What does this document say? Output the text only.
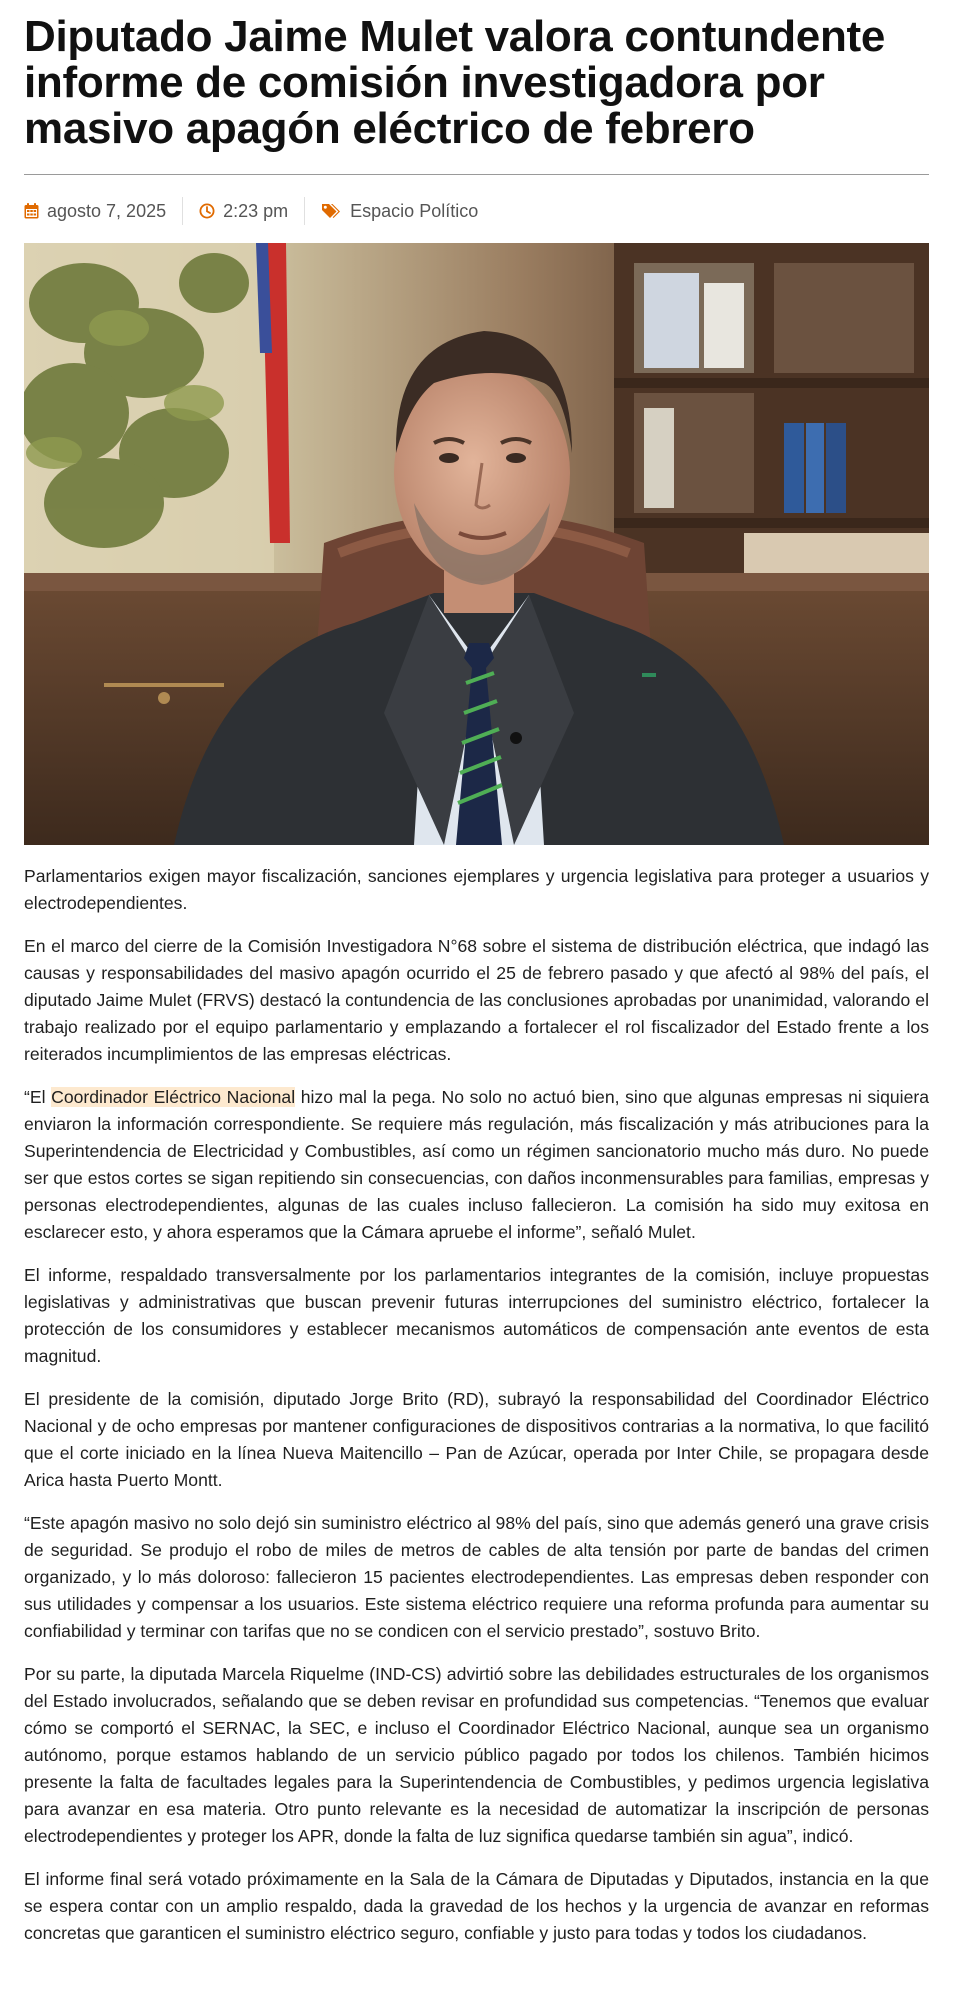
Diputado Jaime Mulet valora contundente informe de comisión investigadora por masivo apagón eléctrico de febrero
agosto 7, 2025	2:23 pm	Espacio Político

Parlamentarios exigen mayor fiscalización, sanciones ejemplares y urgencia legislativa para proteger a usuarios y electrodependientes.

En el marco del cierre de la Comisión Investigadora N°68 sobre el sistema de distribución eléctrica, que indagó las causas y responsabilidades del masivo apagón ocurrido el 25 de febrero pasado y que afectó al 98% del país, el diputado Jaime Mulet (FRVS) destacó la contundencia de las conclusiones aprobadas por unanimidad, valorando el trabajo realizado por el equipo parlamentario y emplazando a fortalecer el rol fiscalizador del Estado frente a los reiterados incumplimientos de las empresas eléctricas.

“El Coordinador Eléctrico Nacional hizo mal la pega. No solo no actuó bien, sino que algunas empresas ni siquiera enviaron la información correspondiente. Se requiere más regulación, más fiscalización y más atribuciones para la Superintendencia de Electricidad y Combustibles, así como un régimen sancionatorio mucho más duro. No puede ser que estos cortes se sigan repitiendo sin consecuencias, con daños inconmensurables para familias, empresas y personas electrodependientes, algunas de las cuales incluso fallecieron. La comisión ha sido muy exitosa en esclarecer esto, y ahora esperamos que la Cámara apruebe el informe”, señaló Mulet.

El informe, respaldado transversalmente por los parlamentarios integrantes de la comisión, incluye propuestas legislativas y administrativas que buscan prevenir futuras interrupciones del suministro eléctrico, fortalecer la protección de los consumidores y establecer mecanismos automáticos de compensación ante eventos de esta magnitud.

El presidente de la comisión, diputado Jorge Brito (RD), subrayó la responsabilidad del Coordinador Eléctrico Nacional y de ocho empresas por mantener configuraciones de dispositivos contrarias a la normativa, lo que facilitó que el corte iniciado en la línea Nueva Maitencillo – Pan de Azúcar, operada por Inter Chile, se propagara desde Arica hasta Puerto Montt.

“Este apagón masivo no solo dejó sin suministro eléctrico al 98% del país, sino que además generó una grave crisis de seguridad. Se produjo el robo de miles de metros de cables de alta tensión por parte de bandas del crimen organizado, y lo más doloroso: fallecieron 15 pacientes electrodependientes. Las empresas deben responder con sus utilidades y compensar a los usuarios. Este sistema eléctrico requiere una reforma profunda para aumentar su confiabilidad y terminar con tarifas que no se condicen con el servicio prestado”, sostuvo Brito.

Por su parte, la diputada Marcela Riquelme (IND-CS) advirtió sobre las debilidades estructurales de los organismos del Estado involucrados, señalando que se deben revisar en profundidad sus competencias. “Tenemos que evaluar cómo se comportó el SERNAC, la SEC, e incluso el Coordinador Eléctrico Nacional, aunque sea un organismo autónomo, porque estamos hablando de un servicio público pagado por todos los chilenos. También hicimos presente la falta de facultades legales para la Superintendencia de Combustibles, y pedimos urgencia legislativa para avanzar en esa materia. Otro punto relevante es la necesidad de automatizar la inscripción de personas electrodependientes y proteger los APR, donde la falta de luz significa quedarse también sin agua”, indicó.

El informe final será votado próximamente en la Sala de la Cámara de Diputadas y Diputados, instancia en la que se espera contar con un amplio respaldo, dada la gravedad de los hechos y la urgencia de avanzar en reformas concretas que garanticen el suministro eléctrico seguro, confiable y justo para todas y todos los ciudadanos.
